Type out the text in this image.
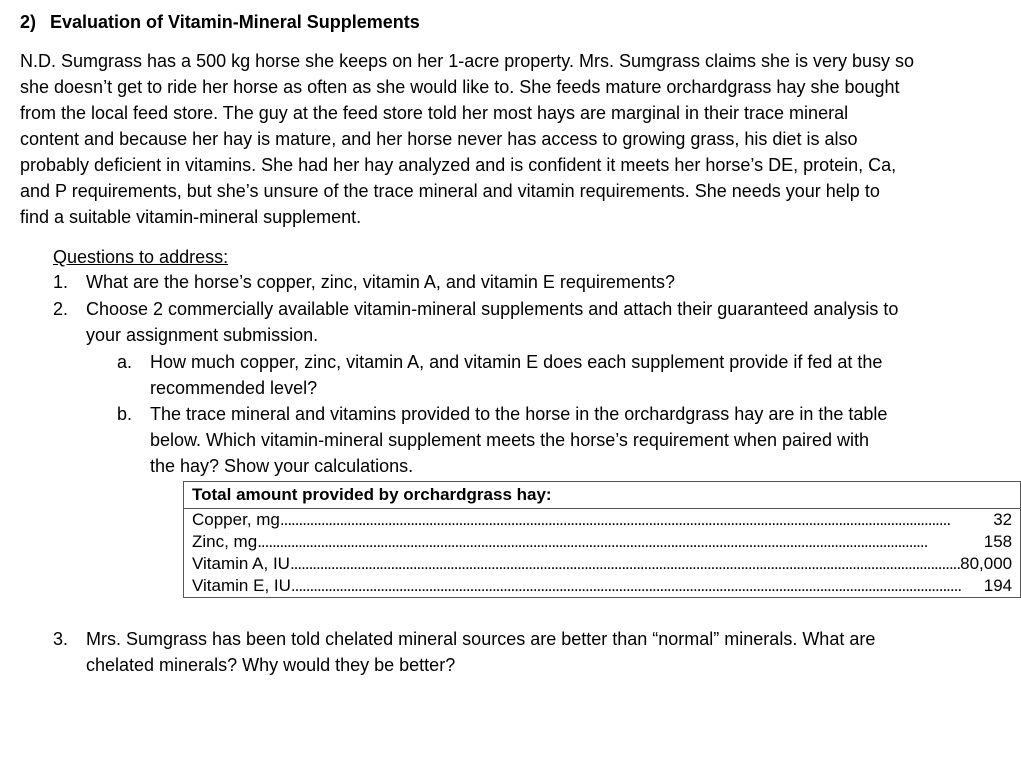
2) Evaluation of Vitamin-Mineral Supplements
N.D. Sumgrass has a 500 kg horse she keeps on her 1-acre property. Mrs. Sumgrass claims she is very busy so
she doesn’t get to ride her horse as often as she would like to. She feeds mature orchardgrass hay she bought
from the local feed store. The guy at the feed store told her most hays are marginal in their trace mineral
content and because her hay is mature, and her horse never has access to growing grass, his diet is also
probably deficient in vitamins. She had her hay analyzed and is confident it meets her horse’s DE, protein, Ca,
and P requirements, but she’s unsure of the trace mineral and vitamin requirements. She needs your help to
find a suitable vitamin-mineral supplement.
Questions to address:
1. What are the horse’s copper, zinc, vitamin A, and vitamin E requirements?
2. Choose 2 commercially available vitamin-mineral supplements and attach their guaranteed analysis to
your assignment submission.
a. How much copper, zinc, vitamin A, and vitamin E does each supplement provide if fed at the
recommended level?
b. The trace mineral and vitamins provided to the horse in the orchardgrass hay are in the table
below. Which vitamin-mineral supplement meets the horse’s requirement when paired with
the hay? Show your calculations.
Total amount provided by orchardgrass hay:

Copper, mg .....	32

Zinc, mg .....	158

Vitamin A, IU .....	80,000

Vitamin E, IU .....	194
3. Mrs. Sumgrass has been told chelated mineral sources are better than “normal” minerals. What are
chelated minerals? Why would they be better?
